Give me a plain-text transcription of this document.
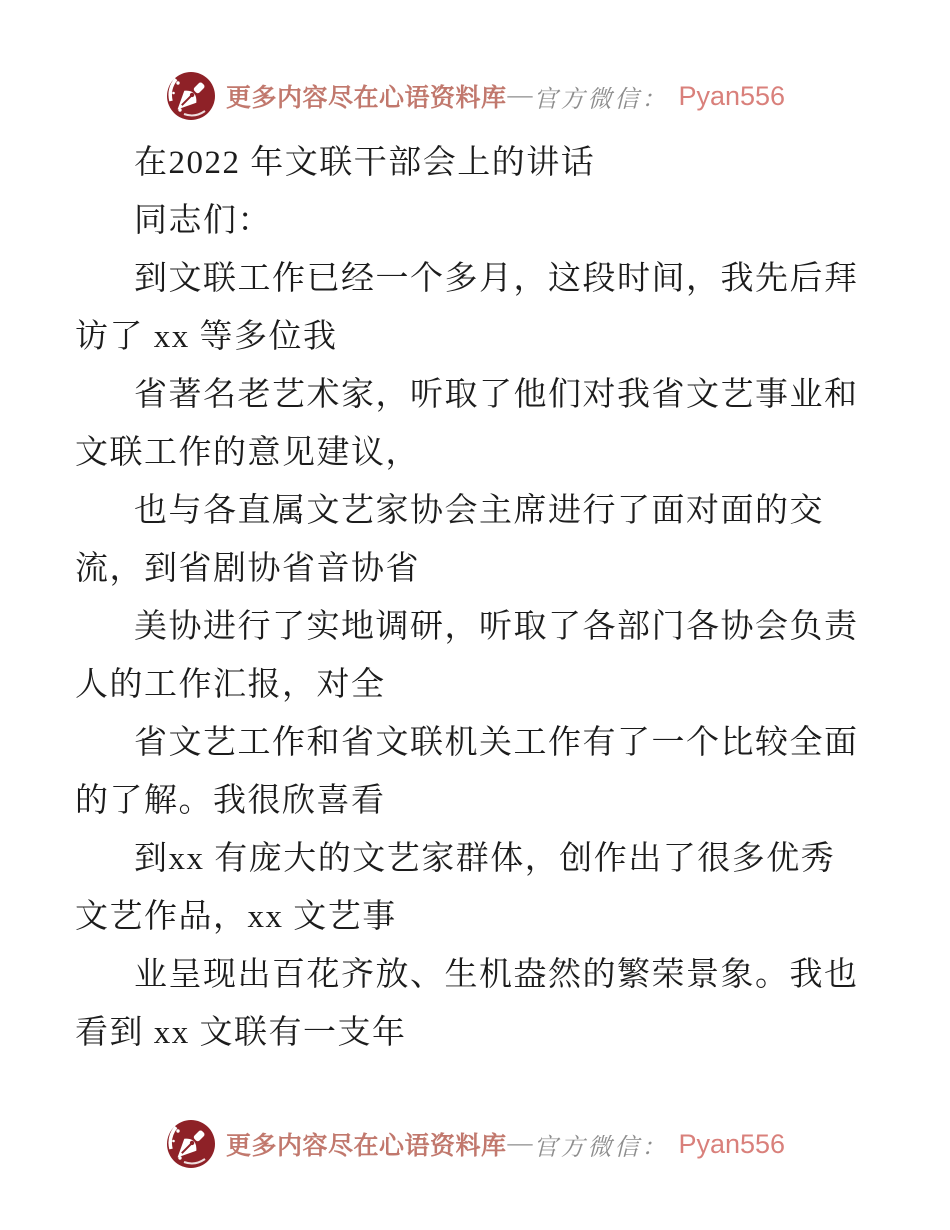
更多内容尽在心语资料库 — 官方微信： Pyan556
在2022 年文联干部会上的讲话
同志们：
到文联工作已经一个多月，这段时间，我先后拜
访了 xx 等多位我
省著名老艺术家，听取了他们对我省文艺事业和
文联工作的意见建议，
也与各直属文艺家协会主席进行了面对面的交
流，到省剧协省音协省
美协进行了实地调研，听取了各部门各协会负责
人的工作汇报，对全
省文艺工作和省文联机关工作有了一个比较全面
的了解。我很欣喜看
到xx 有庞大的文艺家群体，创作出了很多优秀
文艺作品，xx 文艺事
业呈现出百花齐放、生机盎然的繁荣景象。我也
看到 xx 文联有一支年
更多内容尽在心语资料库 — 官方微信： Pyan556
